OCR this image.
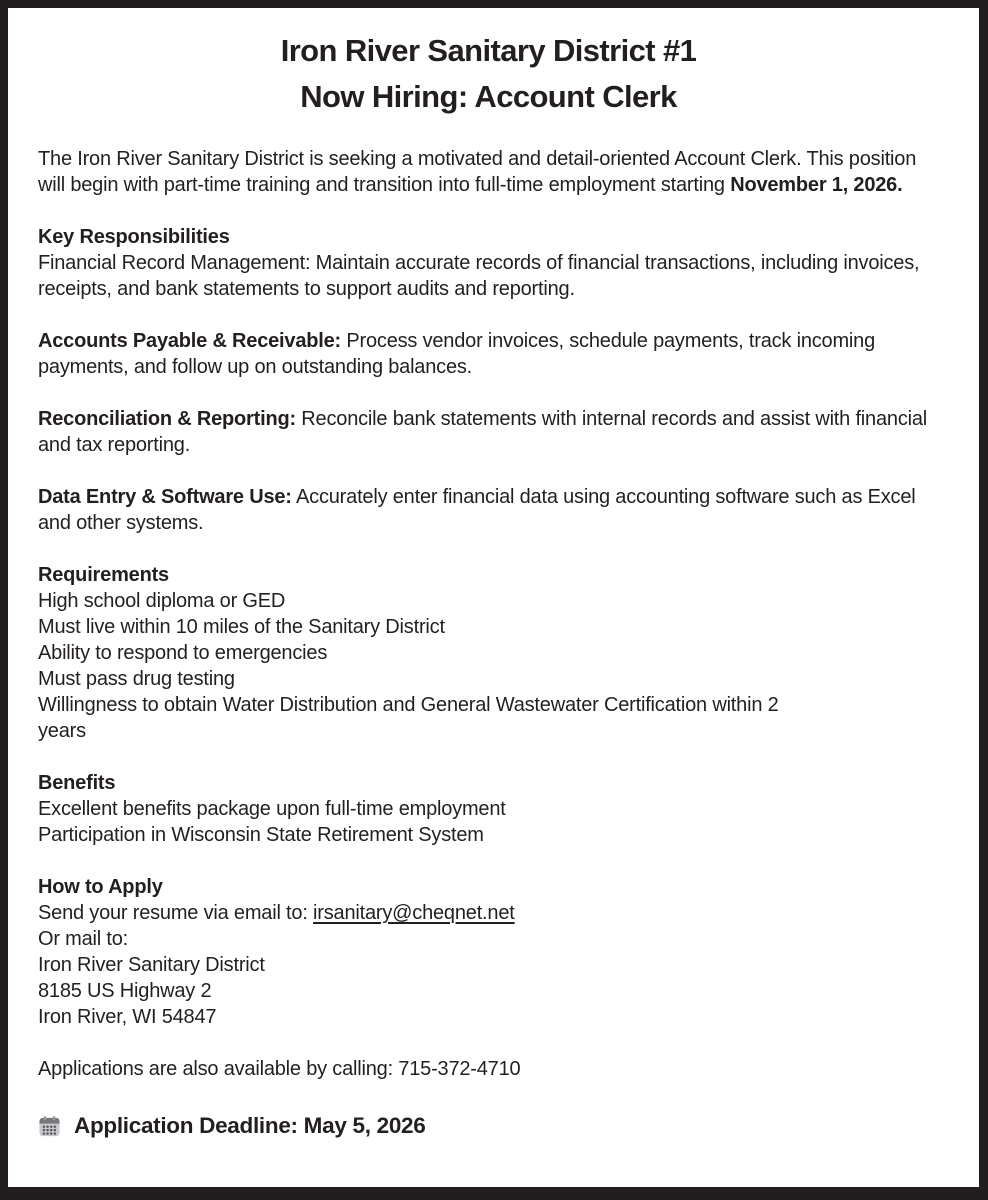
Iron River Sanitary District #1
Now Hiring: Account Clerk

The Iron River Sanitary District is seeking a motivated and detail-oriented Account Clerk. This position will begin with part-time training and transition into full-time employment starting November 1, 2026.

Key Responsibilities
Financial Record Management: Maintain accurate records of financial transactions, including invoices, receipts, and bank statements to support audits and reporting.

Accounts Payable & Receivable: Process vendor invoices, schedule payments, track incoming payments, and follow up on outstanding balances.

Reconciliation & Reporting: Reconcile bank statements with internal records and assist with financial and tax reporting.

Data Entry & Software Use: Accurately enter financial data using accounting software such as Excel and other systems.

Requirements
High school diploma or GED
Must live within 10 miles of the Sanitary District
Ability to respond to emergencies
Must pass drug testing
Willingness to obtain Water Distribution and General Wastewater Certification within 2 years
Benefits
Excellent benefits package upon full-time employment
Participation in Wisconsin State Retirement System
How to Apply
Send your resume via email to: irsanitary@cheqnet.net
Or mail to:
Iron River Sanitary District
8185 US Highway 2
Iron River, WI 54847

Applications are also available by calling: 715-372-4710

Application Deadline: May 5, 2026
